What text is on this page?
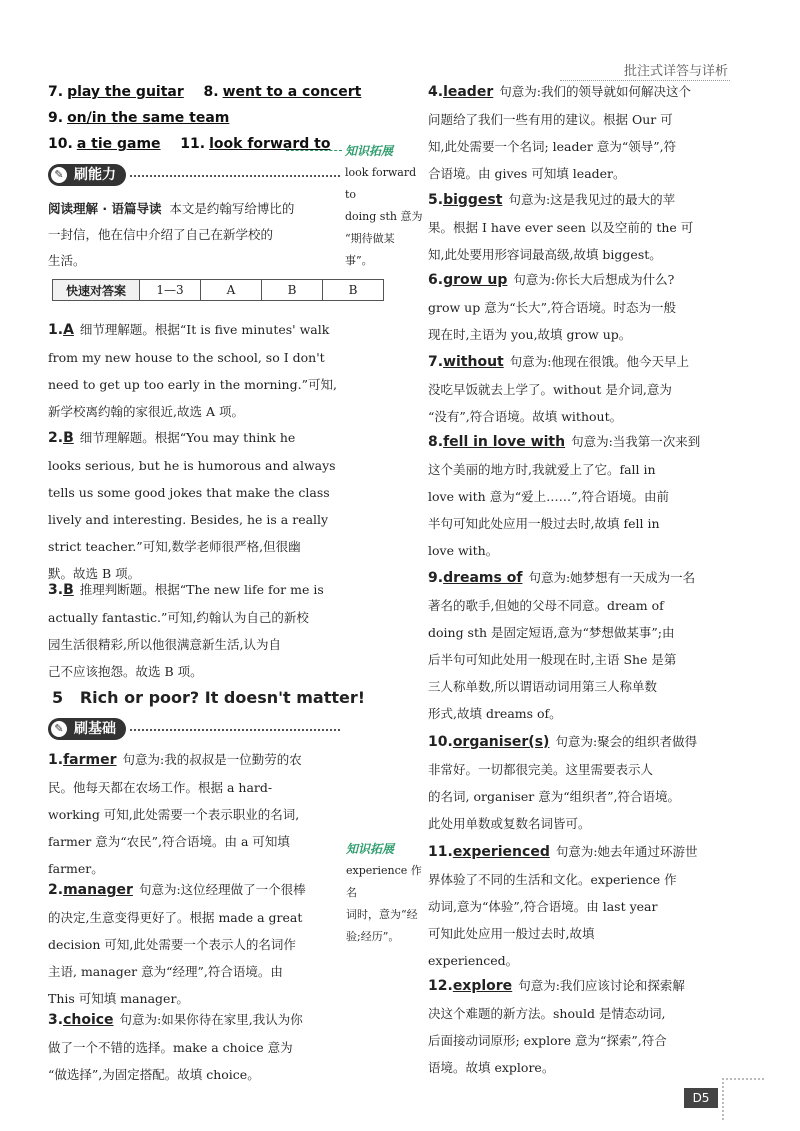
批注式详答与详析
7. play the guitar 8. went to a concert
9. on/in the same team
10. a tie game 11. look forward to 知识拓展
look forward to
doing sth 意为
“期待做某
事”。
✎ 刷能力
阅读理解 · 语篇导读 本文是约翰写给博比的
一封信，他在信中介绍了自己在新学校的
生活。
快速对答案	1—3	A	B	B
1.A 细节理解题。根据“It is five minutes' walk
from my new house to the school, so I don't
need to get up too early in the morning.”可知,
新学校离约翰的家很近,故选 A 项。
2.B 细节理解题。根据“You may think he
looks serious, but he is humorous and always
tells us some good jokes that make the class
lively and interesting. Besides, he is a really
strict teacher.”可知,数学老师很严格,但很幽
默。故选 B 项。
3.B 推理判断题。根据“The new life for me is
actually fantastic.”可知,约翰认为自己的新校
园生活很精彩,所以他很满意新生活,认为自
己不应该抱怨。故选 B 项。
5 Rich or poor? It doesn't matter!
✎ 刷基础
1.farmer 句意为:我的叔叔是一位勤劳的农
民。他每天都在农场工作。根据 a hard-
working 可知,此处需要一个表示职业的名词,
farmer 意为“农民”,符合语境。由 a 可知填
farmer。
2.manager 句意为:这位经理做了一个很棒
的决定,生意变得更好了。根据 made a great
decision 可知,此处需要一个表示人的名词作
主语, manager 意为“经理”,符合语境。由
This 可知填 manager。
3.choice 句意为:如果你待在家里,我认为你
做了一个不错的选择。make a choice 意为
“做选择”,为固定搭配。故填 choice。
4.leader 句意为:我们的领导就如何解决这个
问题给了我们一些有用的建议。根据 Our 可
知,此处需要一个名词; leader 意为“领导”,符
合语境。由 gives 可知填 leader。
5.biggest 句意为:这是我见过的最大的苹
果。根据 I have ever seen 以及空前的 the 可
知,此处要用形容词最高级,故填 biggest。
6.grow up 句意为:你长大后想成为什么?
grow up 意为“长大”,符合语境。时态为一般
现在时,主语为 you,故填 grow up。
7.without 句意为:他现在很饿。他今天早上
没吃早饭就去上学了。without 是介词,意为
“没有”,符合语境。故填 without。
8.fell in love with 句意为:当我第一次来到
这个美丽的地方时,我就爱上了它。fall in
love with 意为“爱上……”,符合语境。由前
半句可知此处应用一般过去时,故填 fell in
love with。
9.dreams of 句意为:她梦想有一天成为一名
著名的歌手,但她的父母不同意。dream of
doing sth 是固定短语,意为“梦想做某事”;由
后半句可知此处用一般现在时,主语 She 是第
三人称单数,所以谓语动词用第三人称单数
形式,故填 dreams of。
10.organiser(s) 句意为:聚会的组织者做得
非常好。一切都很完美。这里需要表示人
的名词, organiser 意为“组织者”,符合语境。
此处用单数或复数名词皆可。
知识拓展
experience 作名
词时，意为“经
验;经历”。
11.experienced 句意为:她去年通过环游世
界体验了不同的生活和文化。experience 作
动词,意为“体验”,符合语境。由 last year
可知此处应用一般过去时,故填
experienced。
12.explore 句意为:我们应该讨论和探索解
决这个难题的新方法。should 是情态动词,
后面接动词原形; explore 意为“探索”,符合
语境。故填 explore。
D5
